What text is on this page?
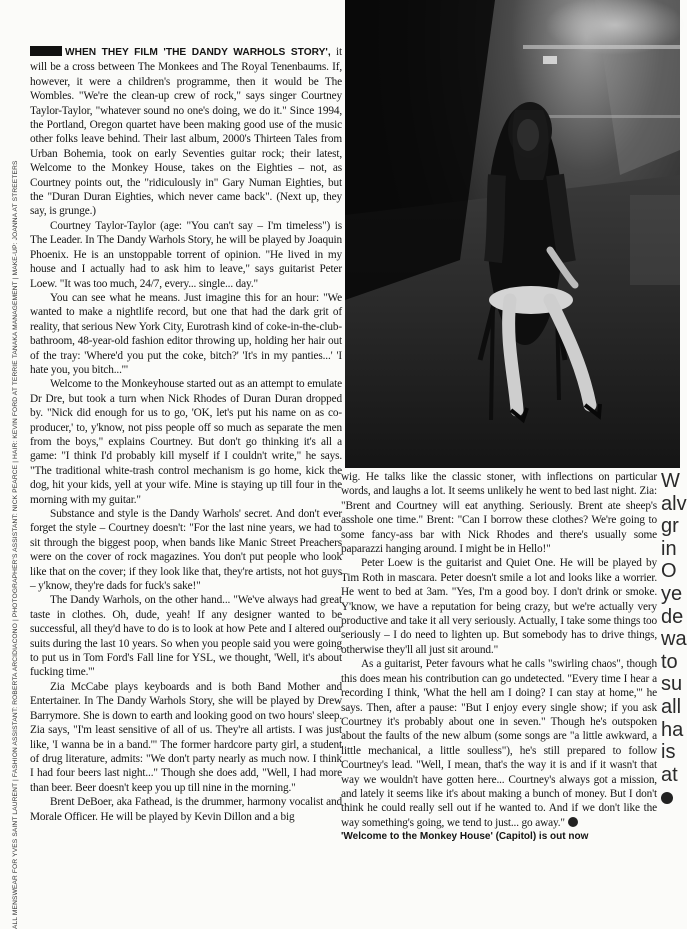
ALL MENSWEAR FOR YVES SAINT LAURENT | FASHION ASSISTANT: ROBERTA ARCIDIACONO | PHOTOGRAPHER'S ASSISTANT: NICK PEARCE | HAIR: KEVIN FORD AT TERRIE TANAKA MANAGEMENT | MAKE-UP: JOANNA AT STREETERS

WHEN THEY FILM 'THE DANDY WARHOLS STORY', it will be a cross between The Monkees and The Royal Tenenbaums. If, however, it were a children's programme, then it would be The Wombles. "We're the clean-up crew of rock," says singer Courtney Taylor-Taylor, "whatever sound no one's doing, we do it." Since 1994, the Portland, Oregon quartet have been making good use of the music other folks leave behind. Their last album, 2000's Thirteen Tales from Urban Bohemia, took on early Seventies guitar rock; their latest, Welcome to the Monkey House, takes on the Eighties – not, as Courtney points out, the "ridiculously in" Gary Numan Eighties, but the "Duran Duran Eighties, which never came back". (Next up, they say, is grunge.)

Courtney Taylor-Taylor (age: "You can't say – I'm timeless") is The Leader. In The Dandy Warhols Story, he will be played by Joaquin Phoenix. He is an unstoppable torrent of opinion. "He lived in my house and I actually had to ask him to leave," says guitarist Peter Loew. "It was too much, 24/7, every... single... day."

You can see what he means. Just imagine this for an hour: "We wanted to make a nightlife record, but one that had the dark grit of reality, that serious New York City, Eurotrash kind of coke-in-the-club-bathroom, 48-year-old fashion editor throwing up, holding her hair out of the tray: 'Where'd you put the coke, bitch?' 'It's in my panties...' 'I hate you, you bitch...'"

Welcome to the Monkeyhouse started out as an attempt to emulate Dr Dre, but took a turn when Nick Rhodes of Duran Duran dropped by. "Nick did enough for us to go, 'OK, let's put his name on as co-producer,' to, y'know, not piss people off so much as separate the men from the boys," explains Courtney. But don't go thinking it's all a game: "I think I'd probably kill myself if I couldn't write," he says. "The traditional white-trash control mechanism is go home, kick the dog, hit your kids, yell at your wife. Mine is staying up till four in the morning with my guitar."

Substance and style is the Dandy Warhols' secret. And don't ever forget the style – Courtney doesn't: "For the last nine years, we had to sit through the biggest poop, when bands like Manic Street Preachers were on the cover of rock magazines. You don't put people who look like that on the cover; if they look like that, they're artists, not hot guys – y'know, they're dads for fuck's sake!"

The Dandy Warhols, on the other hand... "We've always had great taste in clothes. Oh, dude, yeah! If any designer wanted to be successful, all they'd have to do is to look at how Pete and I altered our suits during the last 10 years. So when you people said you were going to put us in Tom Ford's Fall line for YSL, we thought, 'Well, it's about fucking time.'"

Zia McCabe plays keyboards and is both Band Mother and Entertainer. In The Dandy Warhols Story, she will be played by Drew Barrymore. She is down to earth and looking good on two hours' sleep. Zia says, "I'm least sensitive of all of us. They're all artists. I was just like, 'I wanna be in a band.'" The former hardcore party girl, a student of drug literature, admits: "We don't party nearly as much now. I think I had four beers last night..." Though she does add, "Well, I had more than beer. Beer doesn't keep you up till nine in the morning."

Brent DeBoer, aka Fathead, is the drummer, harmony vocalist and Morale Officer. He will be played by Kevin Dillon and a big

wig. He talks like the classic stoner, with inflections on particular words, and laughs a lot. It seems unlikely he went to bed last night. Zia: "Brent and Courtney will eat anything. Seriously. Brent ate sheep's asshole one time." Brent: "Can I borrow these clothes? We're going to some fancy-ass bar with Nick Rhodes and there's usually some paparazzi hanging around. I might be in Hello!"

Peter Loew is the guitarist and Quiet One. He will be played by Tim Roth in mascara. Peter doesn't smile a lot and looks like a worrier. He went to bed at 3am. "Yes, I'm a good boy. I don't drink or smoke. Y'know, we have a reputation for being crazy, but we're actually very productive and take it all very seriously. Actually, I take some things too seriously – I do need to lighten up. But somebody has to drive things, otherwise they'll all just sit around."

As a guitarist, Peter favours what he calls "swirling chaos", though this does mean his contribution can go undetected. "Every time I hear a recording I think, 'What the hell am I doing? I can stay at home,'" he says. Then, after a pause: "But I enjoy every single show; if you ask Courtney it's probably about one in seven." Though he's outspoken about the faults of the new album (some songs are "a little awkward, a little mechanical, a little soulless"), he's still prepared to follow Courtney's lead. "Well, I mean, that's the way it is and if it wasn't that way we wouldn't have gotten here... Courtney's always got a mission, and lately it seems like it's about making a bunch of money. But I don't think he could really sell out if he wanted to. And if we don't like the way something's going, we tend to just... go away."

'Welcome to the Monkey House' (Capitol) is out now

W
alv
gr
in
O
ye
de
wa
to
su
all
ha
is
at
